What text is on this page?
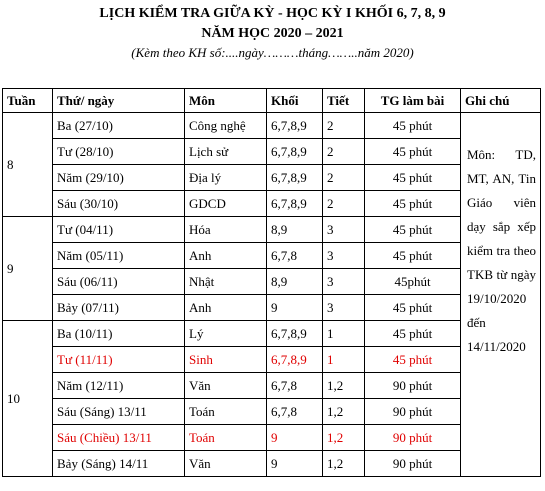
LỊCH KIỂM TRA GIỮA KỲ - HỌC KỲ I KHỐI 6, 7, 8, 9
NĂM HỌC 2020 – 2021
(Kèm theo KH số:....ngày………tháng……..năm 2020)
Tuần	Thứ/ ngày	Môn	Khối	Tiết	TG làm bài	Ghi chú
8	Ba (27/10)	Công nghệ	6,7,8,9	2	45 phút	Môn: TD, MT, AN, Tin Giáo viên dạy sắp xếp kiểm tra theo TKB từ ngày 19/10/2020 đến 14/11/2020
	Tư (28/10)	Lịch sử	6,7,8,9	2	45 phút	
	Năm (29/10)	Địa lý	6,7,8,9	2	45 phút	
	Sáu (30/10)	GDCD	6,7,8,9	2	45 phút	
9	Tư (04/11)	Hóa	8,9	3	45 phút	
	Năm (05/11)	Anh	6,7,8	3	45 phút	
	Sáu (06/11)	Nhật	8,9	3	45phút	
	Bảy (07/11)	Anh	9	3	45 phút	
10	Ba (10/11)	Lý	6,7,8,9	1	45 phút	
	Tư (11/11)	Sinh	6,7,8,9	1	45 phút	
	Năm (12/11)	Văn	6,7,8	1,2	90 phút	
	Sáu (Sáng) 13/11	Toán	6,7,8	1,2	90 phút	
	Sáu (Chiều) 13/11	Toán	9	1,2	90 phút	
	Bảy (Sáng) 14/11	Văn	9	1,2	90 phút	
